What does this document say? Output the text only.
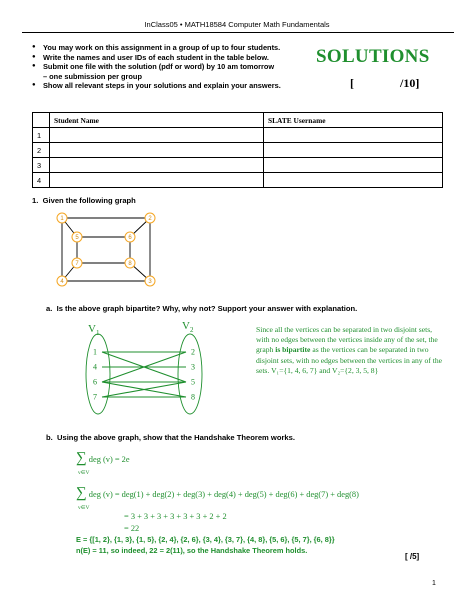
InClass05 • MATH18584 Computer Math Fundamentals
● You may work on this assignment in a group of up to four students.
● Write the names and user IDs of each student in the table below.
● Submit one file with the solution (pdf or word) by 10 am tomorrow
– one submission per group
● Show all relevant steps in your solutions and explain your answers.
SOLUTIONS
[	/10]
	Student Name	SLATE Username
1		
2		
3		
4		
1. Given the following graph
1	2
3
4
5	6
7	8
a. Is the above graph bipartite? Why, why not? Support your answer with explanation.
$V_1$
$V_2$
1
4
6
7
2
3
5
8
Since all the vertices can be separated in two disjoint sets, with no edges between the vertices inside any of the set, the graph is bipartite as the vertices can be separated in two disjoint sets, with no edges between the vertices in any of the sets. V₁={1, 4, 6, 7} and V₂={2, 3, 5, 8}
b. Using the above graph, show that the Handshake Theorem works.
∑ deg (v) = 2e
v∈V
∑ deg (v) = deg(1) + deg(2) + deg(3) + deg(4) + deg(5) + deg(6) + deg(7) + deg(8)
v∈V
= 3 + 3 + 3 + 3 + 3 + 3 + 2 + 2
= 22
E = {[1, 2}, {1, 3}, {1, 5}, {2, 4}, {2, 6}, {3, 4}, {3, 7}, {4, 8}, {5, 6}, {5, 7}, {6, 8}}
n(E) = 11, so indeed, 22 = 2(11), so the Handshake Theorem holds.
[ /5]
1
